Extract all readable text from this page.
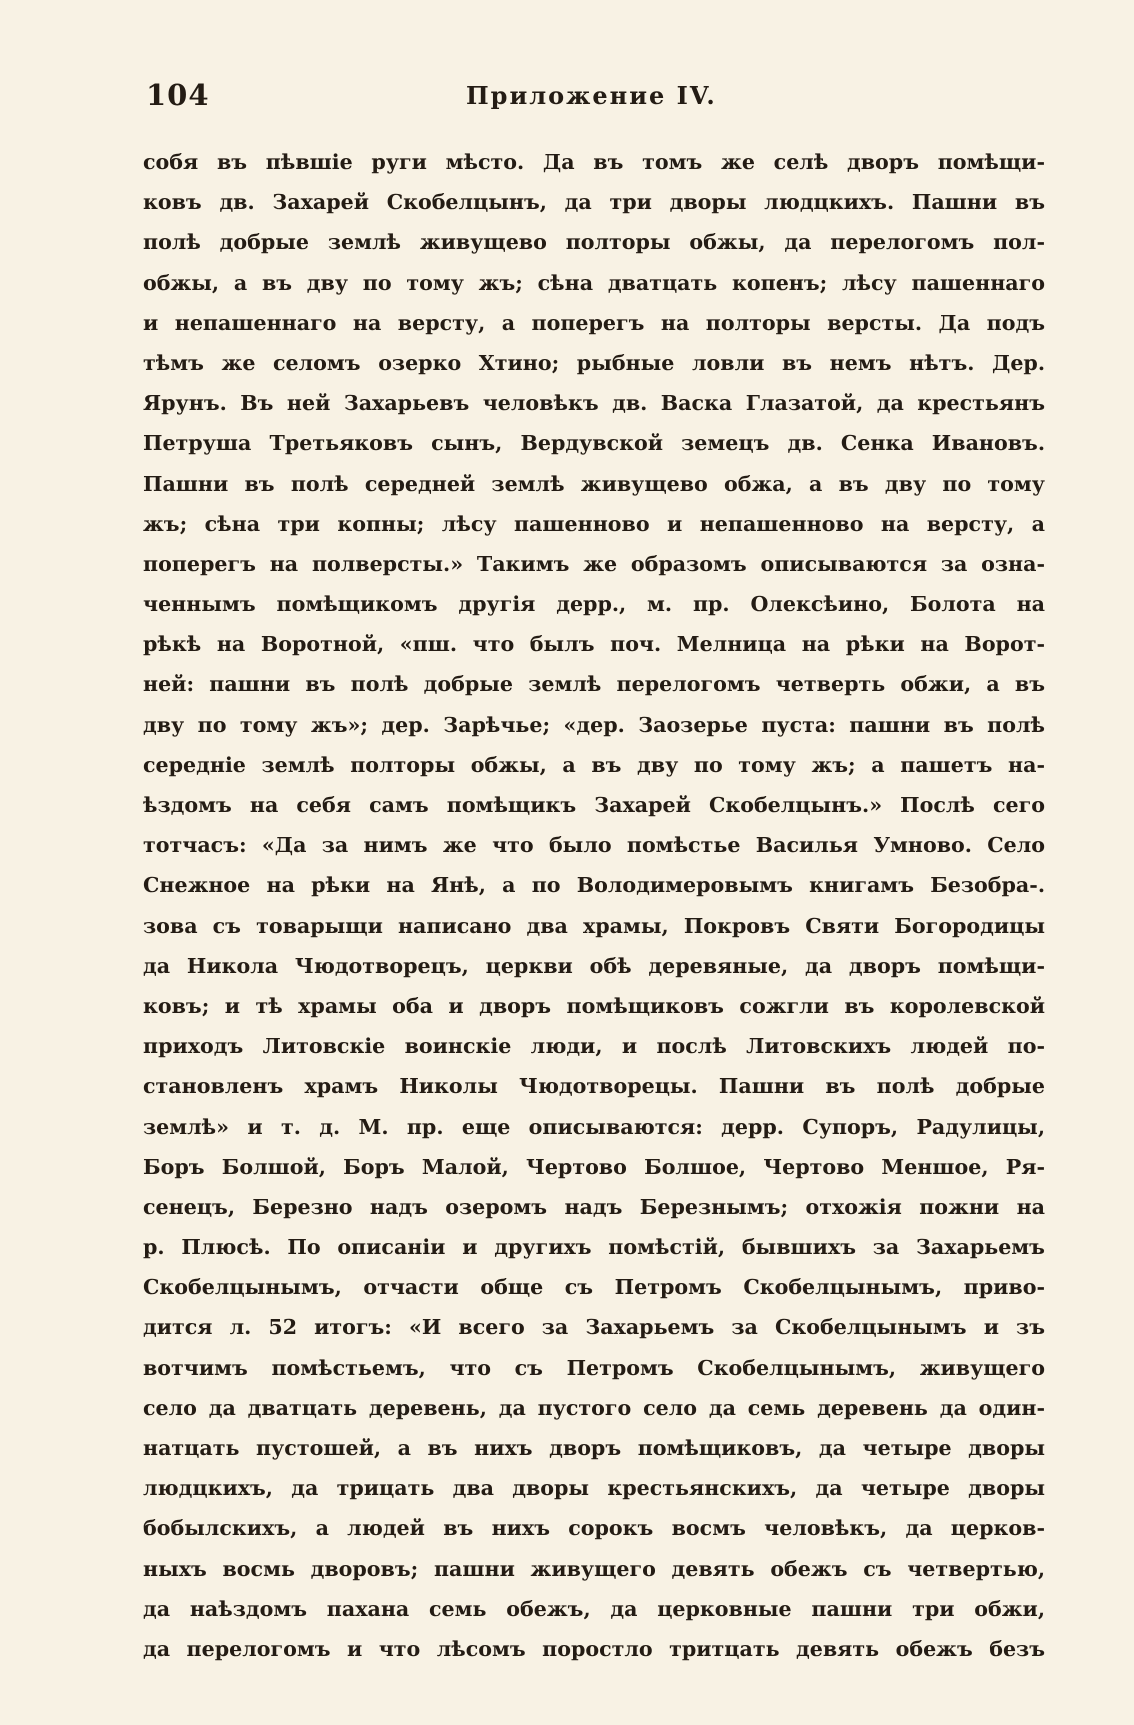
104	Приложение IV.
собя въ пѣвшіе руги мѣсто. Да въ томъ же селѣ дворъ помѣщи-
ковъ дв. Захарей Скобелцынъ, да три дворы людцкихъ. Пашни въ
полѣ добрые землѣ живущево полторы обжы, да перелогомъ пол-
обжы, а въ дву по тому жъ; сѣна дватцать копенъ; лѣсу пашеннаго
и непашеннаго на версту, а поперегъ на полторы версты. Да подъ
тѣмъ же селомъ озерко Хтино; рыбные ловли въ немъ нѣтъ. Дер.
Ярунъ. Въ ней Захарьевъ человѣкъ дв. Васка Глазатой, да крестьянъ
Петруша Третьяковъ сынъ, Вердувской земецъ дв. Сенка Ивановъ.
Пашни въ полѣ середней землѣ живущево обжа, а въ дву по тому
жъ; сѣна три копны; лѣсу пашенново и непашенново на версту, а
поперегъ на полверсты.» Такимъ же образомъ описываются за озна-
ченнымъ помѣщикомъ другія дерр., м. пр. Олексѣино, Болота на
рѣкѣ на Воротной, «пш. что былъ поч. Мелница на рѣки на Ворот-
ней: пашни въ полѣ добрые землѣ перелогомъ четверть обжи, а въ
дву по тому жъ»; дер. Зарѣчье; «дер. Заозерье пуста: пашни въ полѣ
середніе землѣ полторы обжы, а въ дву по тому жъ; а пашетъ на-
ѣздомъ на себя самъ помѣщикъ Захарей Скобелцынъ.» Послѣ сего
тотчасъ: «Да за нимъ же что было помѣстье Василья Умново. Село
Снежное на рѣки на Янѣ, а по Володимеровымъ книгамъ Безобра-.
зова съ товарыщи написано два храмы, Покровъ Святи Богородицы
да Никола Чюдотворецъ, церкви обѣ деревяные, да дворъ помѣщи-
ковъ; и тѣ храмы оба и дворъ помѣщиковъ сожгли въ королевской
приходъ Литовскіе воинскіе люди, и послѣ Литовскихъ людей по-
становленъ храмъ Николы Чюдотворецы. Пашни въ полѣ добрые
землѣ» и т. д. М. пр. еще описываются: дерр. Супоръ, Радулицы,
Боръ Болшой, Боръ Малой, Чертово Болшое, Чертово Меншое, Ря-
сенецъ, Березно надъ озеромъ надъ Березнымъ; отхожія пожни на
р. Плюсѣ. По описаніи и другихъ помѣстій, бывшихъ за Захарьемъ
Скобелцынымъ, отчасти обще съ Петромъ Скобелцынымъ, приво-
дится л. 52 итогъ: «И всего за Захарьемъ за Скобелцынымъ и зъ
вотчимъ помѣстьемъ, что съ Петромъ Скобелцынымъ, живущего
село да дватцать деревень, да пустого село да семь деревень да один-
натцать пустошей, а въ нихъ дворъ помѣщиковъ, да четыре дворы
людцкихъ, да трицать два дворы крестьянскихъ, да четыре дворы
бобылскихъ, а людей въ нихъ сорокъ восмъ человѣкъ, да церков-
ныхъ восмь дворовъ; пашни живущего девять обежъ съ четвертью,
да наѣздомъ пахана семь обежъ, да церковные пашни три обжи,
да перелогомъ и что лѣсомъ поростло тритцать девять обежъ безъ
